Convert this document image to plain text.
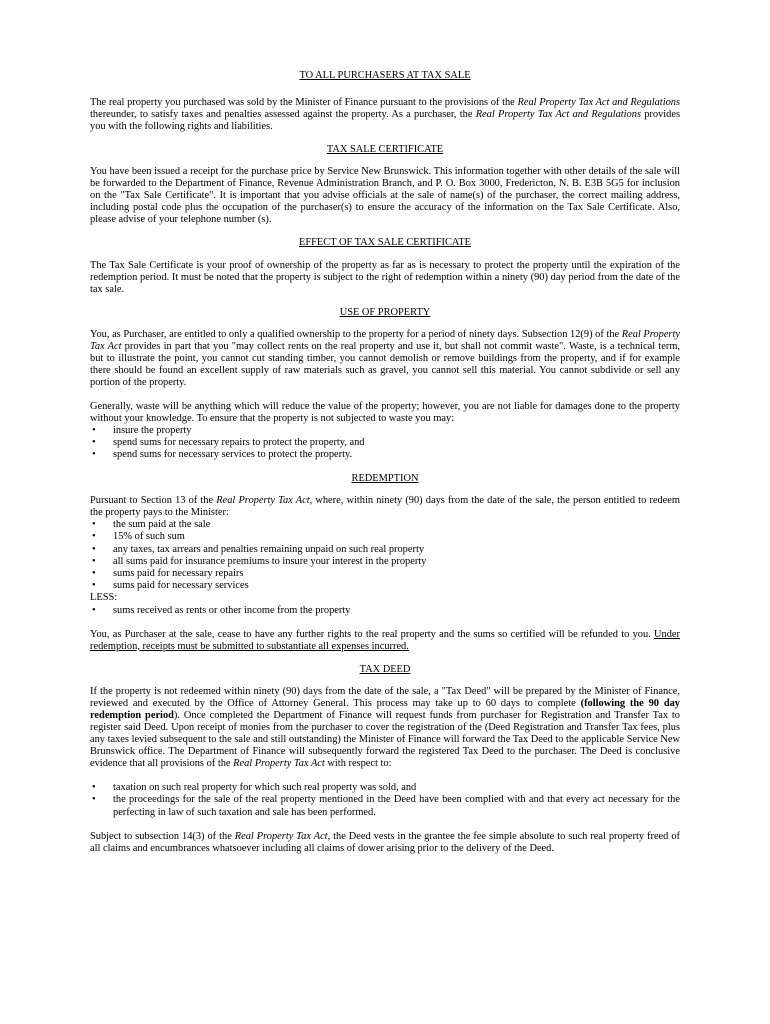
TO ALL PURCHASERS AT TAX SALE

The real property you purchased was sold by the Minister of Finance pursuant to the provisions of the Real Property Tax Act and Regulations thereunder, to satisfy taxes and penalties assessed against the property. As a purchaser, the Real Property Tax Act and Regulations provides you with the following rights and liabilities.

TAX SALE CERTIFICATE

You have been issued a receipt for the purchase price by Service New Brunswick. This information together with other details of the sale will be forwarded to the Department of Finance, Revenue Administration Branch, and P. O. Box 3000, Fredericton, N. B. E3B 5G5 for inclusion on the "Tax Sale Certificate". It is important that you advise officials at the sale of name(s) of the purchaser, the correct mailing address, including postal code plus the occupation of the purchaser(s) to ensure the accuracy of the information on the Tax Sale Certificate. Also, please advise of your telephone number (s).

EFFECT OF TAX SALE CERTIFICATE

The Tax Sale Certificate is your proof of ownership of the property as far as is necessary to protect the property until the expiration of the redemption period. It must be noted that the property is subject to the right of redemption within a ninety (90) day period from the date of the tax sale.

USE OF PROPERTY

You, as Purchaser, are entitled to only a qualified ownership to the property for a period of ninety days. Subsection 12(9) of the Real Property Tax Act provides in part that you "may collect rents on the real property and use it, but shall not commit waste". Waste, is a technical term, but to illustrate the point, you cannot cut standing timber, you cannot demolish or remove buildings from the property, and if for example there should be found an excellent supply of raw materials such as gravel, you cannot sell this material. You cannot subdivide or sell any portion of the property.

Generally, waste will be anything which will reduce the value of the property; however, you are not liable for damages done to the property without your knowledge. To ensure that the property is not subjected to waste you may:

• insure the property
• spend sums for necessary repairs to protect the property, and
• spend sums for necessary services to protect the property.
REDEMPTION

Pursuant to Section 13 of the Real Property Tax Act, where, within ninety (90) days from the date of the sale, the person entitled to redeem the property pays to the Minister:

• the sum paid at the sale
• 15% of such sum
• any taxes, tax arrears and penalties remaining unpaid on such real property
• all sums paid for insurance premiums to insure your interest in the property
• sums paid for necessary repairs
• sums paid for necessary services

LESS:

• sums received as rents or other income from the property

You, as Purchaser at the sale, cease to have any further rights to the real property and the sums so certified will be refunded to you. Under redemption, receipts must be submitted to substantiate all expenses incurred.

TAX DEED

If the property is not redeemed within ninety (90) days from the date of the sale, a "Tax Deed" will be prepared by the Minister of Finance, reviewed and executed by the Office of Attorney General. This process may take up to 60 days to complete (following the 90 day redemption period). Once completed the Department of Finance will request funds from purchaser for Registration and Transfer Tax to register said Deed. Upon receipt of monies from the purchaser to cover the registration of the (Deed Registration and Transfer Tax fees, plus any taxes levied subsequent to the sale and still outstanding) the Minister of Finance will forward the Tax Deed to the applicable Service New Brunswick office. The Department of Finance will subsequently forward the registered Tax Deed to the purchaser. The Deed is conclusive evidence that all provisions of the Real Property Tax Act with respect to:

• taxation on such real property for which such real property was sold, and
• the proceedings for the sale of the real property mentioned in the Deed have been complied with and that every act necessary for the perfecting in law of such taxation and sale has been performed.

Subject to subsection 14(3) of the Real Property Tax Act, the Deed vests in the grantee the fee simple absolute to such real property freed of all claims and encumbrances whatsoever including all claims of dower arising prior to the delivery of the Deed.
